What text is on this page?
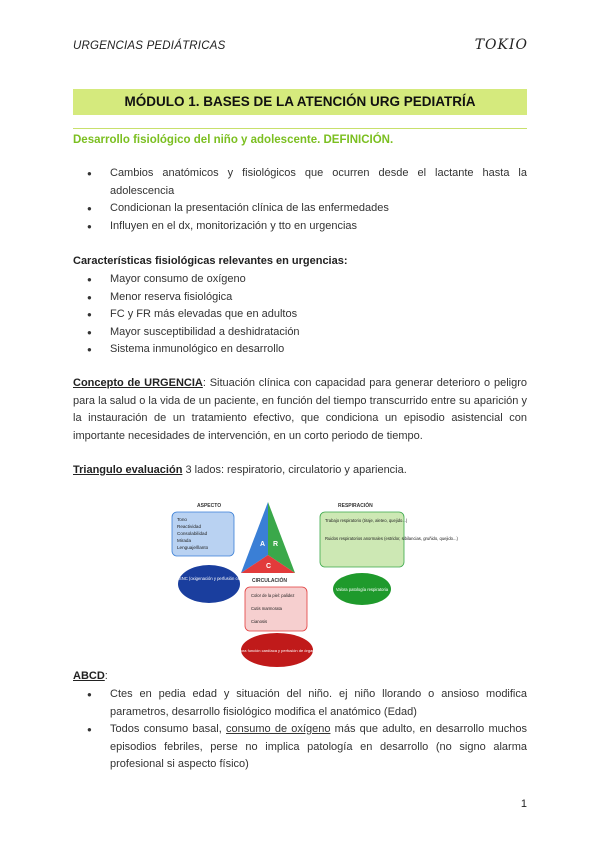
URGENCIAS PEDIÁTRICAS	TOKIO
MÓDULO 1. BASES DE LA ATENCIÓN URG PEDIATRÍA
Desarrollo fisiológico del niño y adolescente. DEFINICIÓN.
● Cambios anatómicos y fisiológicos que ocurren desde el lactante hasta la adolescencia
● Condicionan la presentación clínica de las enfermedades
● Influyen en el dx, monitorización y tto en urgencias
Características fisiológicas relevantes en urgencias:
● Mayor consumo de oxígeno
● Menor reserva fisiológica
● FC y FR más elevadas que en adultos
● Mayor susceptibilidad a deshidratación
● Sistema inmunológico en desarrollo
Concepto de URGENCIA: Situación clínica con capacidad para generar deterioro o peligro para la salud o la vida de un paciente, en función del tiempo transcurrido entre su aparición y la instauración de un tratamiento efectivo, que condiciona un episodio asistencial con importante necesidades de intervención, en un corto periodo de tiempo.
Triangulo evaluación 3 lados: respiratorio, circulatorio y apariencia.
ASPECTO
Tono
Reactividad
Consolabilidad
Mirada
Lenguaje/llanto
Valora SNC (oxigenación y perfusión cerebral)
A R
C
RESPIRACIÓN
Trabajo respiratorio (tiraje, aleteo, quejido...)
Ruidos respiratorios anormales (estridor, sibilancias, gruñido, quejido...)
Valora patología respiratoria
CIRCULACIÓN
Color de la piel: palidez
Cutis marmorata
Cianosis
Valora función cardíaca y perfusión de órganos
ABCD:
● Ctes en pedia edad y situación del niño. ej niño llorando o ansioso modifica parametros, desarrollo fisiológico modifica el anatómico (Edad)
● Todos consumo basal, consumo de oxígeno más que adulto, en desarrollo muchos episodios febriles, perse no implica patología en desarrollo (no signo alarma profesional si aspecto físico)
1
